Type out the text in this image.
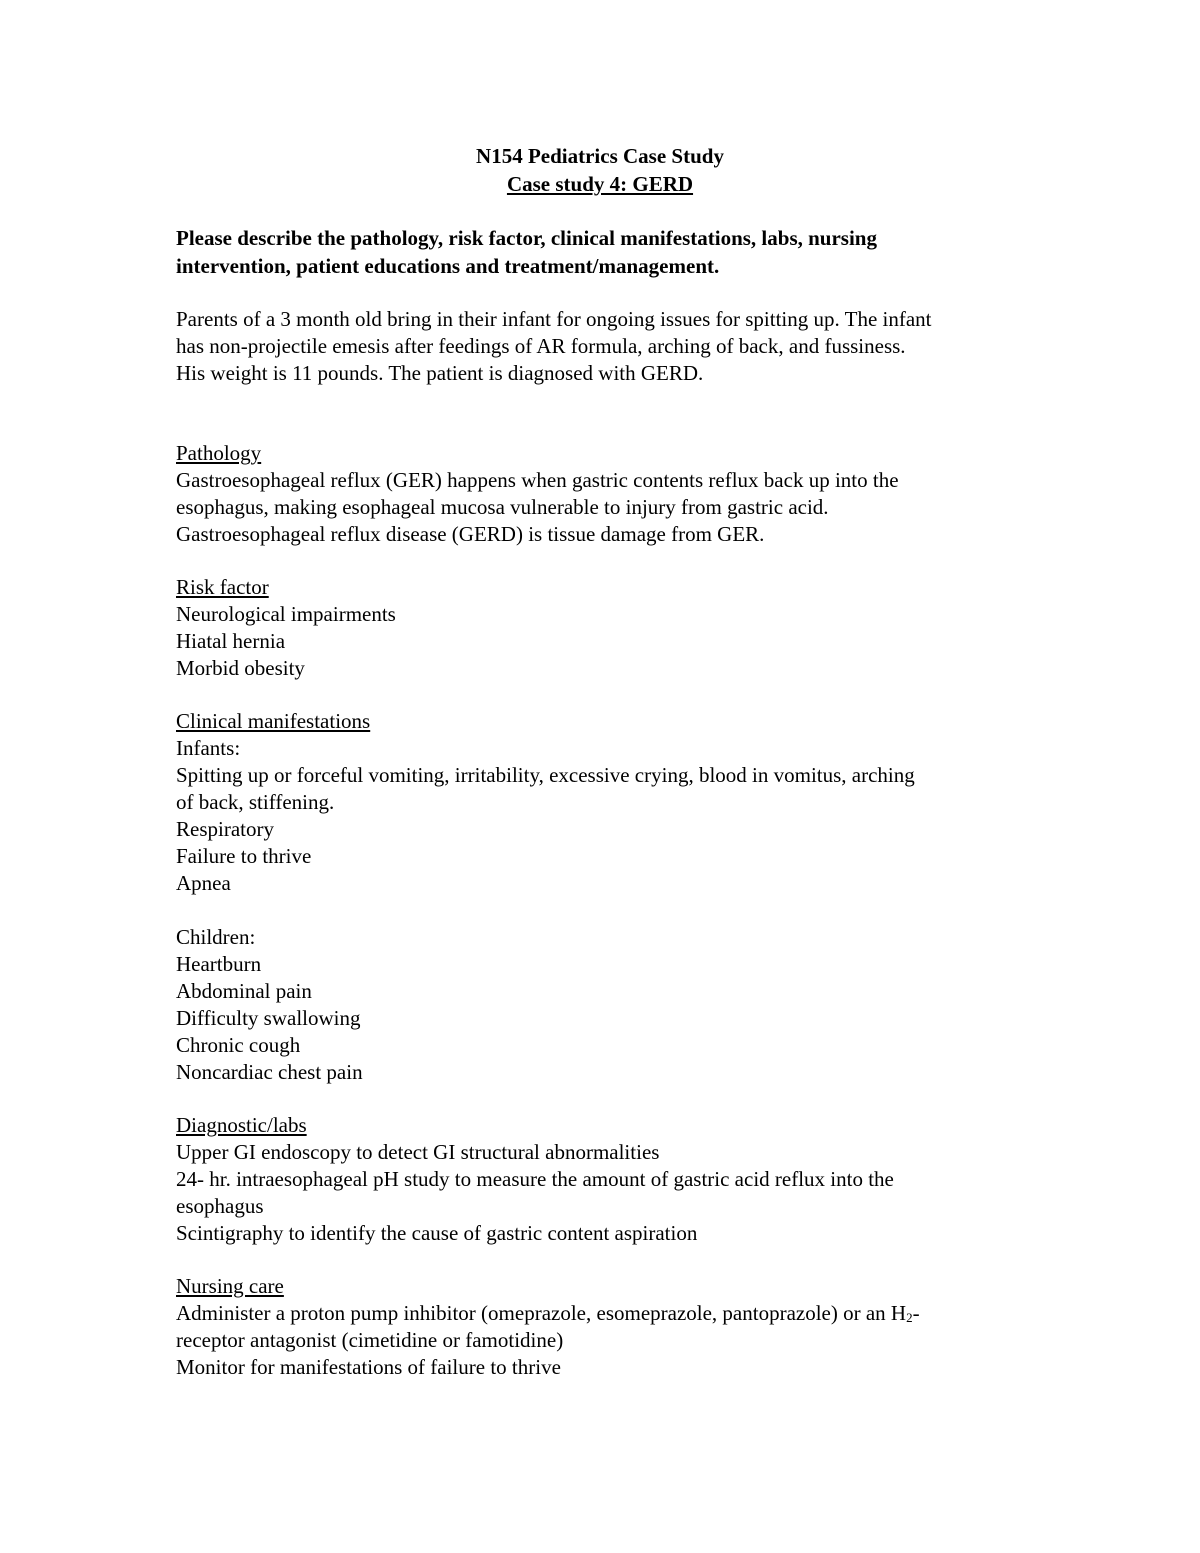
N154 Pediatrics Case Study
Case study 4: GERD
Please describe the pathology, risk factor, clinical manifestations, labs, nursing
intervention, patient educations and treatment/management.
Parents of a 3 month old bring in their infant for ongoing issues for spitting up. The infant
has non-projectile emesis after feedings of AR formula, arching of back, and fussiness.
His weight is 11 pounds. The patient is diagnosed with GERD.
Pathology
Gastroesophageal reflux (GER) happens when gastric contents reflux back up into the
esophagus, making esophageal mucosa vulnerable to injury from gastric acid.
Gastroesophageal reflux disease (GERD) is tissue damage from GER.
Risk factor
Neurological impairments
Hiatal hernia
Morbid obesity
Clinical manifestations
Infants:
Spitting up or forceful vomiting, irritability, excessive crying, blood in vomitus, arching
of back, stiffening.
Respiratory
Failure to thrive
Apnea
Children:
Heartburn
Abdominal pain
Difficulty swallowing
Chronic cough
Noncardiac chest pain
Diagnostic/labs
Upper GI endoscopy to detect GI structural abnormalities
24- hr. intraesophageal pH study to measure the amount of gastric acid reflux into the
esophagus
Scintigraphy to identify the cause of gastric content aspiration
Nursing care
Administer a proton pump inhibitor (omeprazole, esomeprazole, pantoprazole) or an $H_2-$
receptor antagonist (cimetidine or famotidine)
Monitor for manifestations of failure to thrive
